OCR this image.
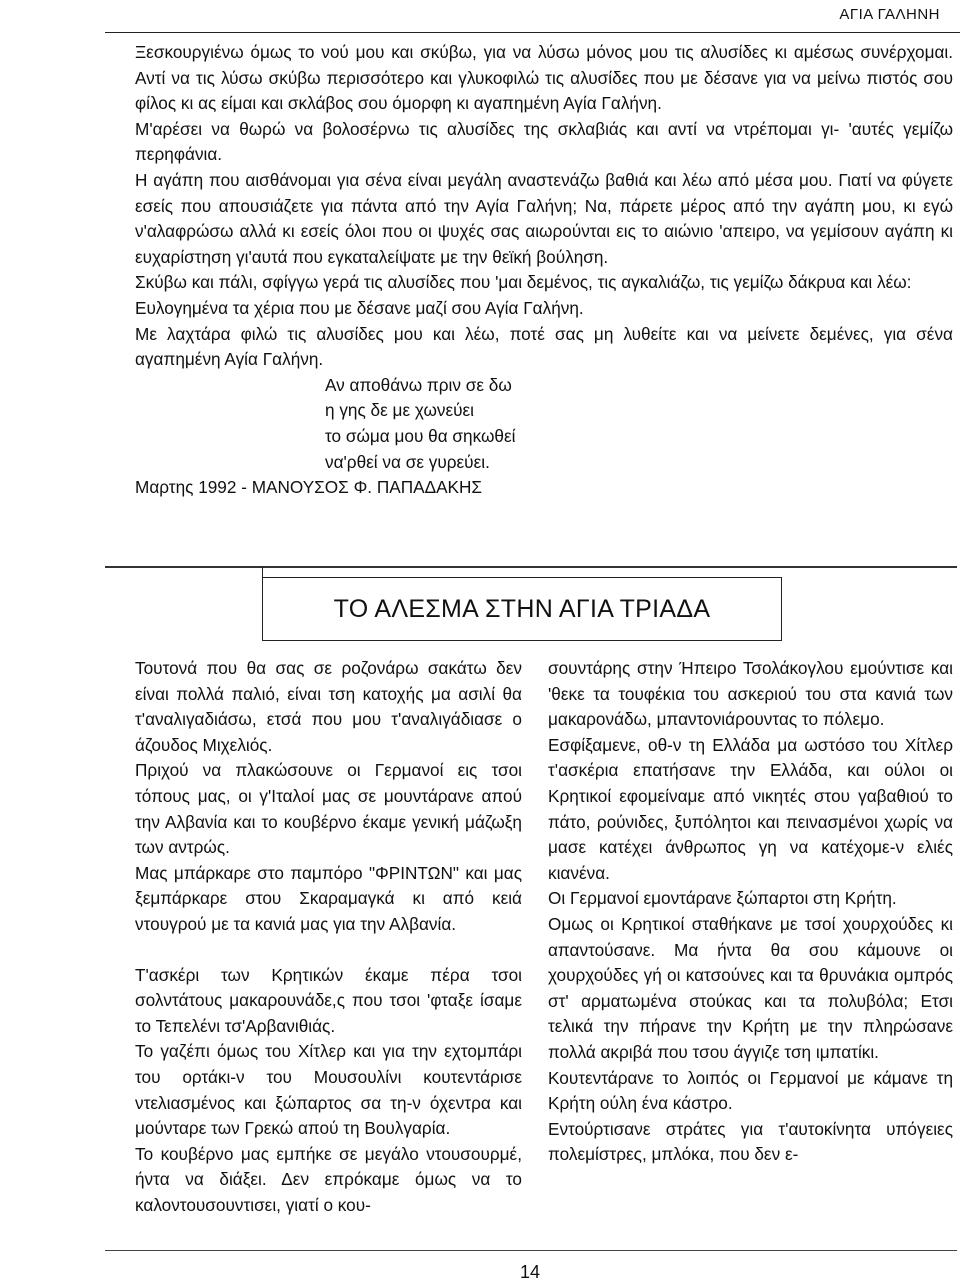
ΑΓΙΑ ΓΑΛΗΝΗ

Ξεσκουργιένω όμως το νού μου και σκύβω, για να λύσω μόνος μου τις αλυσίδες κι αμέσως συνέρχομαι. Αντί να τις λύσω σκύβω περισσότερο και γλυκοφιλώ τις αλυσίδες που με δέσανε για να μείνω πιστός σου φίλος κι ας είμαι και σκλάβος σου όμορφη κι αγαπημένη Αγία Γαλήνη.

Μ'αρέσει να θωρώ να βολοσέρνω τις αλυσίδες της σκλαβιάς και αντί να ντρέπομαι γι- 'αυτές γεμίζω περηφάνια.

Η αγάπη που αισθάνομαι για σένα είναι μεγάλη αναστενάζω βαθιά και λέω από μέσα μου. Γιατί να φύγετε εσείς που απουσιάζετε για πάντα από την Αγία Γαλήνη; Να, πάρετε μέρος από την αγάπη μου, κι εγώ ν'αλαφρώσω αλλά κι εσείς όλοι που οι ψυχές σας αιωρούνται εις το αιώνιο 'απειρο, να γεμίσουν αγάπη κι ευχαρίστηση γι'αυτά που εγκαταλείψατε με την θεϊκή βούληση.

Σκύβω και πάλι, σφίγγω γερά τις αλυσίδες που 'μαι δεμένος, τις αγκαλιάζω, τις γεμίζω δάκρυα και λέω:

Ευλογημένα τα χέρια που με δέσανε μαζί σου Αγία Γαλήνη.

Με λαχτάρα φιλώ τις αλυσίδες μου και λέω, ποτέ σας μη λυθείτε και να μείνετε δεμένες, για σένα αγαπημένη Αγία Γαλήνη.

Αν αποθάνω πριν σε δω
η γης δε με χωνεύει
το σώμα μου θα σηκωθεί
να'ρθεί να σε γυρεύει.

Μαρτης 1992 - ΜΑΝΟΥΣΟΣ Φ. ΠΑΠΑΔΑΚΗΣ

ΤΟ ΑΛΕΣΜΑ ΣΤΗΝ ΑΓΙΑ ΤΡΙΑΔΑ

Τουτονά που θα σας σε ροζονάρω σακάτω δεν είναι πολλά παλιό, είναι τση κατοχής μα ασιλί θα τ'αναλιγαδιάσω, ετσά που μου τ'αναλιγάδιασε ο άζουδος Μιχελιός.

Πριχού να πλακώσουνε οι Γερμανοί εις τσοι τόπους μας, οι γ'Ιταλοί μας σε μουντάρανε απού την Αλβανία και το κουβέρνο έκαμε γενική μάζωξη των αντρώς.

Μας μπάρκαρε στο παμπόρο "ΦΡΙΝΤΩΝ" και μας ξεμπάρκαρε στου Σκαραμαγκά κι από κειά ντουγρού με τα κανιά μας για την Αλβανία.

Τ'ασκέρι των Κρητικών έκαμε πέρα τσοι σολντάτους μακαρουνάδε,ς που τσοι 'φταξε ίσαμε το Τεπελένι τσ'Αρβανιθιάς.

Το γαζέπι όμως του Χίτλερ και για την εχτομπάρι του ορτάκι-ν του Μουσουλίνι κουτεντάρισε ντελιασμένος και ξώπαρτος σα τη-ν όχεντρα και μούνταρε των Γρεκώ απού τη Βουλγαρία.

Το κουβέρνο μας εμπήκε σε μεγάλο ντουσουρμέ, ήντα να διάξει. Δεν επρόκαμε όμως να το καλοντουσουντισει, γιατί ο κου-

σουντάρης στην Ήπειρο Τσολάκογλου εμούντισε και 'θεκε τα τουφέκια του ασκεριού του στα κανιά των μακαρονάδω, μπαντονιάρουντας το πόλεμο.

Εσφίξαμενε, οθ-ν τη Ελλάδα μα ωστόσο του Χίτλερ τ'ασκέρια επατήσανε την Ελλάδα, και ούλοι οι Κρητικοί εφομείναμε από νικητές στου γαβαθιού το πάτο, ρούνιδες, ξυπόλητοι και πεινασμένοι χωρίς να μασε κατέχει άνθρωπος γη να κατέχομε-ν ελιές κιανένα.

Οι Γερμανοί εμοντάρανε ξώπαρτοι στη Κρήτη.

Ομως οι Κρητικοί σταθήκανε με τσοί χουρχούδες κι απαντούσανε. Μα ήντα θα σου κάμουνε οι χουρχούδες γή οι κατσούνες και τα θρυνάκια ομπρός στ' αρματωμένα στούκας και τα πολυβόλα; Ετσι τελικά την πήρανε την Κρήτη με την πληρώσανε πολλά ακριβά που τσου άγγιζε τση ιμπατίκι.

Κουτεντάρανε το λοιπός οι Γερμανοί με κάμανε τη Κρήτη ούλη ένα κάστρο.

Εντούρτισανε στράτες για τ'αυτοκίνητα υπόγειες πολεμίστρες, μπλόκα, που δεν ε-

14
